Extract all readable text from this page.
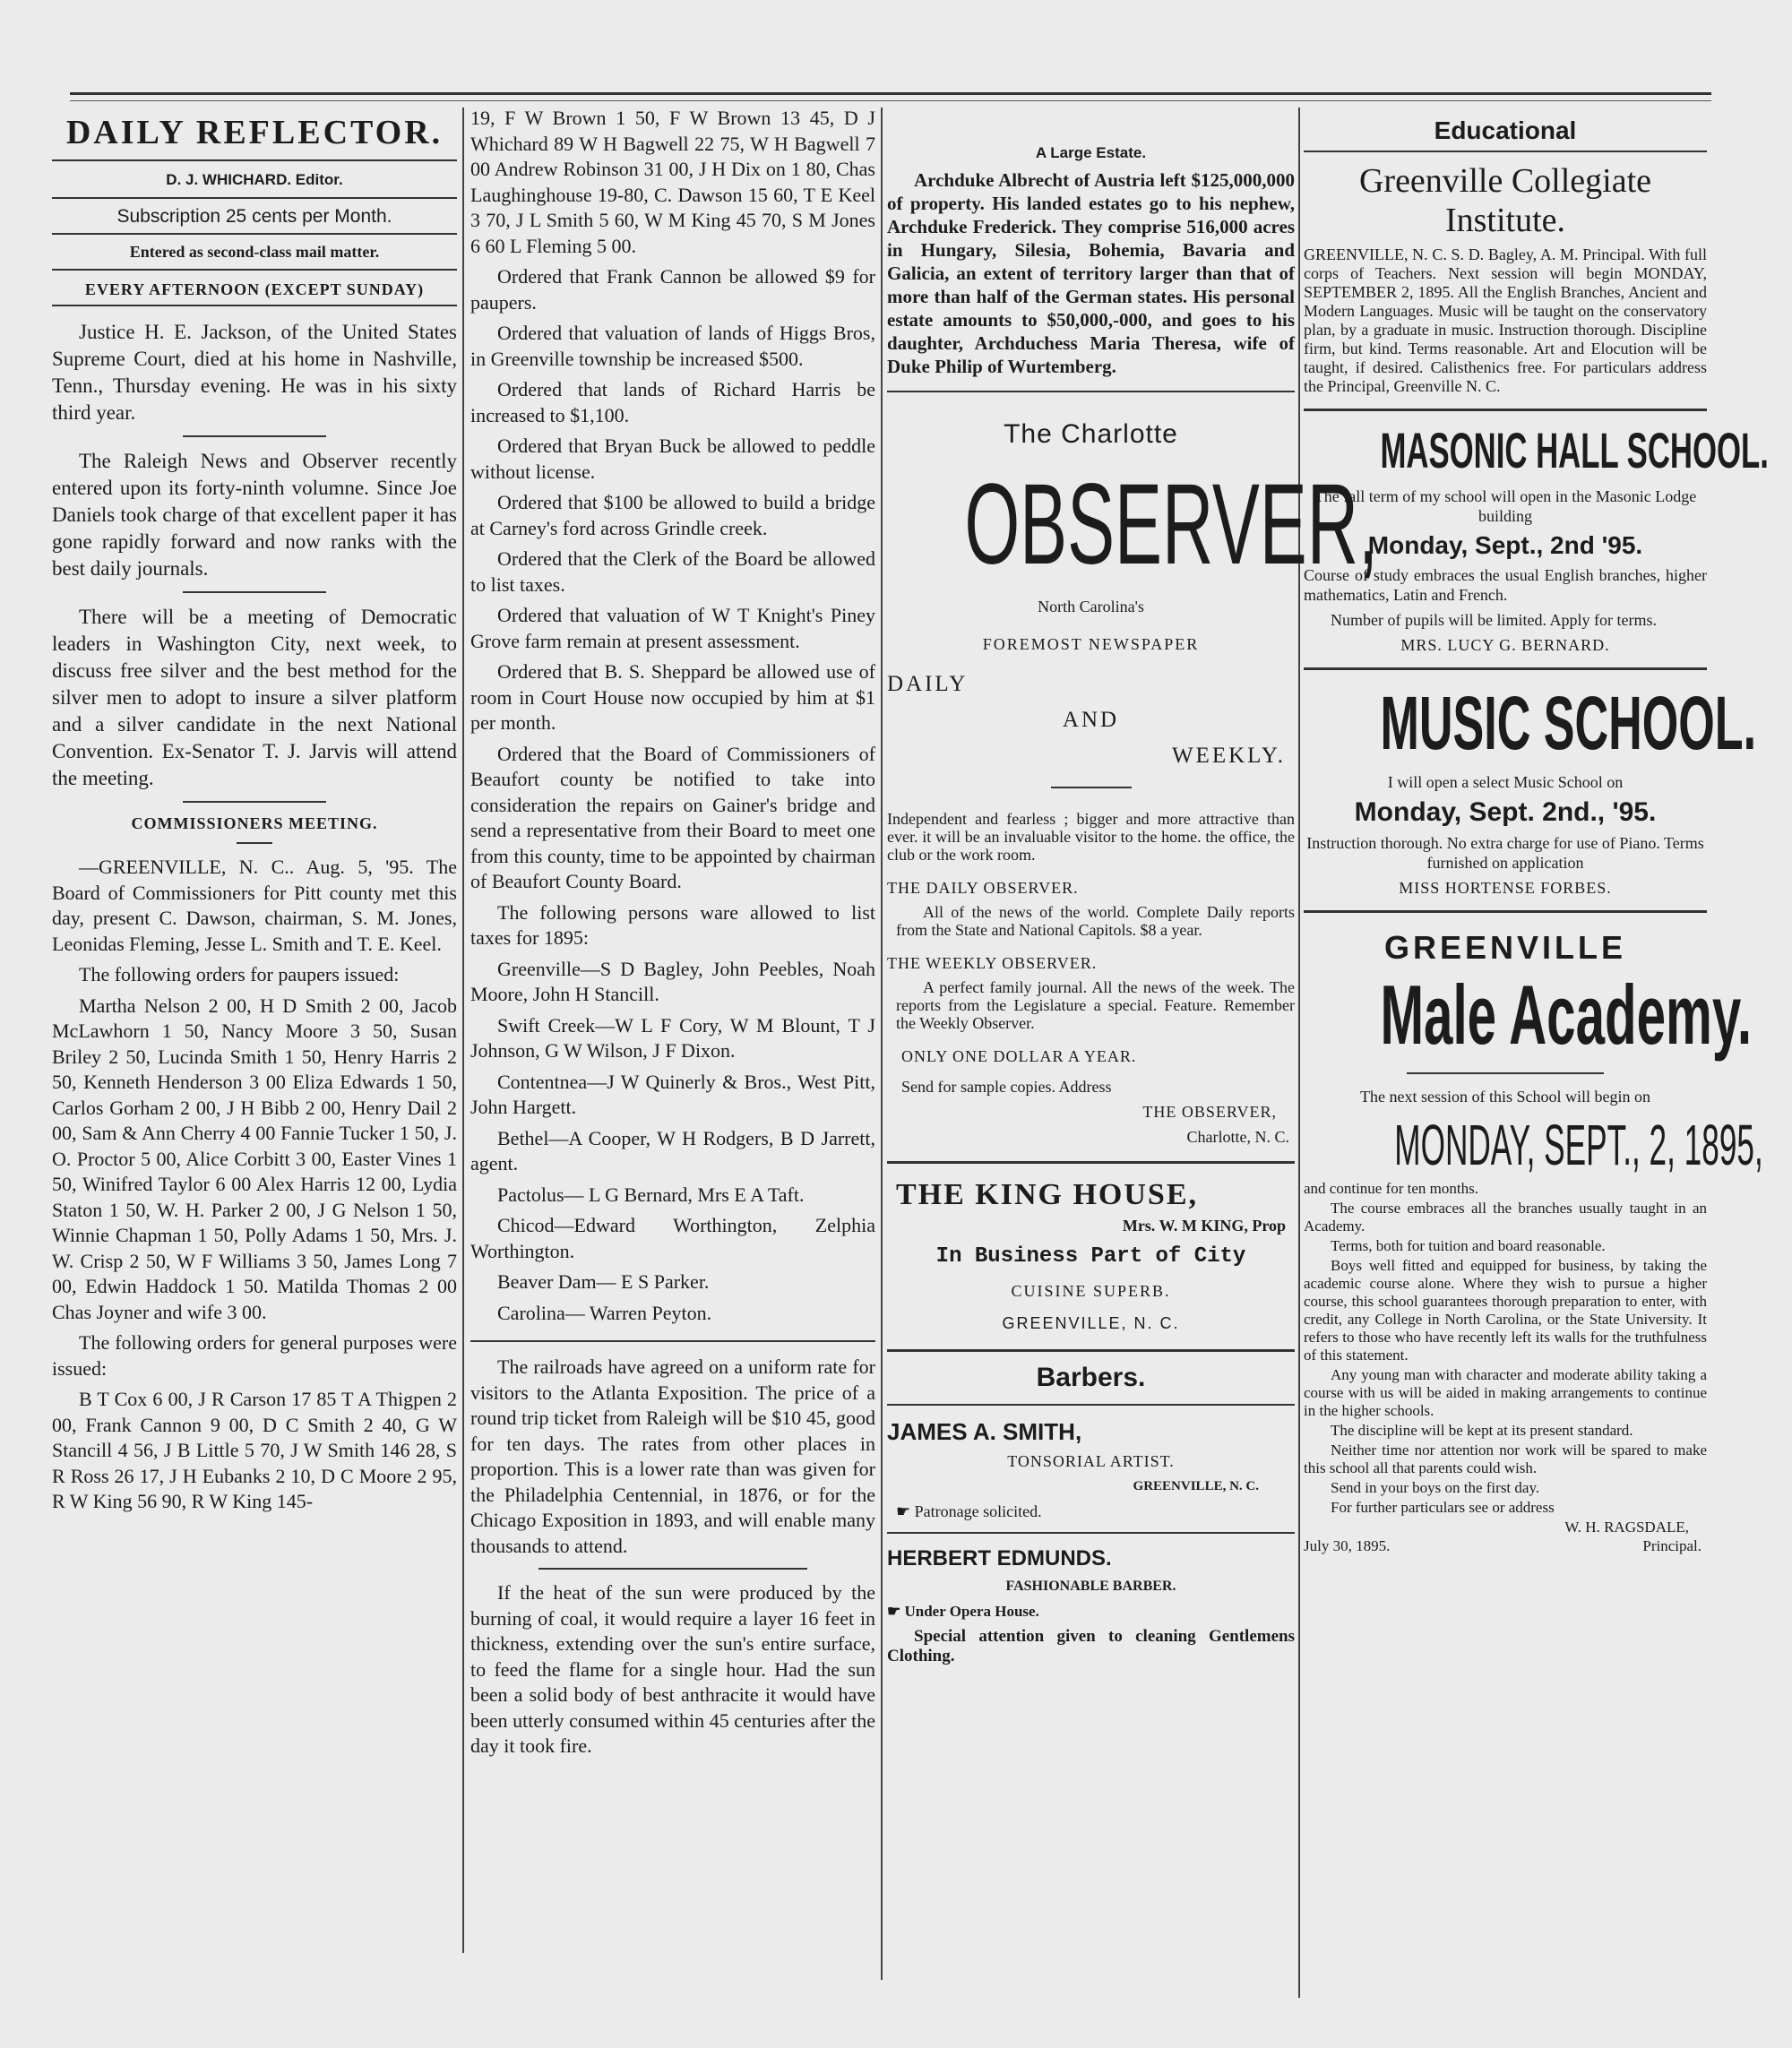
DAILY REFLECTOR.

D. J. WHICHARD. Editor.

Subscription 25 cents per Month.

Entered as second-class mail matter.

EVERY AFTERNOON (EXCEPT SUNDAY)

Justice H. E. Jackson, of the United States Supreme Court, died at his home in Nashville, Tenn., Thursday evening. He was in his sixty third year.

The Raleigh News and Observer recently entered upon its forty-ninth volumne. Since Joe Daniels took charge of that excellent paper it has gone rapidly forward and now ranks with the best daily journals.

There will be a meeting of Democratic leaders in Washington City, next week, to discuss free silver and the best method for the silver men to adopt to insure a silver platform and a silver candidate in the next National Convention. Ex-Senator T. J. Jarvis will attend the meeting.

COMMISSIONERS MEETING.

—GREENVILLE, N. C.. Aug. 5, '95. The Board of Commissioners for Pitt county met this day, present C. Dawson, chairman, S. M. Jones, Leonidas Fleming, Jesse L. Smith and T. E. Keel.

The following orders for paupers issued:

Martha Nelson 2 00, H D Smith 2 00, Jacob McLawhorn 1 50, Nancy Moore 3 50, Susan Briley 2 50, Lucinda Smith 1 50, Henry Harris 2 50, Kenneth Henderson 3 00 Eliza Edwards 1 50, Carlos Gorham 2 00, J H Bibb 2 00, Henry Dail 2 00, Sam & Ann Cherry 4 00 Fannie Tucker 1 50, J. O. Proctor 5 00, Alice Corbitt 3 00, Easter Vines 1 50, Winifred Taylor 6 00 Alex Harris 12 00, Lydia Staton 1 50, W. H. Parker 2 00, J G Nelson 1 50, Winnie Chapman 1 50, Polly Adams 1 50, Mrs. J. W. Crisp 2 50, W F Williams 3 50, James Long 7 00, Edwin Haddock 1 50. Matilda Thomas 2 00 Chas Joyner and wife 3 00.

The following orders for general purposes were issued:

B T Cox 6 00, J R Carson 17 85 T A Thigpen 2 00, Frank Cannon 9 00, D C Smith 2 40, G W Stancill 4 56, J B Little 5 70, J W Smith 146 28, S R Ross 26 17, J H Eubanks 2 10, D C Moore 2 95, R W King 56 90, R W King 145-

19, F W Brown 1 50, F W Brown 13 45, D J Whichard 89 W H Bagwell 22 75, W H Bagwell 7 00 Andrew Robinson 31 00, J H Dix on 1 80, Chas Laughinghouse 19-80, C. Dawson 15 60, T E Keel 3 70, J L Smith 5 60, W M King 45 70, S M Jones 6 60 L Fleming 5 00.

Ordered that Frank Cannon be allowed $9 for paupers.

Ordered that valuation of lands of Higgs Bros, in Greenville township be increased $500.

Ordered that lands of Richard Harris be increased to $1,100.

Ordered that Bryan Buck be allowed to peddle without license.

Ordered that $100 be allowed to build a bridge at Carney's ford across Grindle creek.

Ordered that the Clerk of the Board be allowed to list taxes.

Ordered that valuation of W T Knight's Piney Grove farm remain at present assessment.

Ordered that B. S. Sheppard be allowed use of room in Court House now occupied by him at $1 per month.

Ordered that the Board of Commissioners of Beaufort county be notified to take into consideration the repairs on Gainer's bridge and send a representative from their Board to meet one from this county, time to be appointed by chairman of Beaufort County Board.

The following persons ware allowed to list taxes for 1895:

Greenville—S D Bagley, John Peebles, Noah Moore, John H Stancill.

Swift Creek—W L F Cory, W M Blount, T J Johnson, G W Wilson, J F Dixon.

Contentnea—J W Quinerly & Bros., West Pitt, John Hargett.

Bethel—A Cooper, W H Rodgers, B D Jarrett, agent.

Pactolus— L G Bernard, Mrs E A Taft.

Chicod—Edward Worthington, Zelphia Worthington.

Beaver Dam— E S Parker.

Carolina— Warren Peyton.

The railroads have agreed on a uniform rate for visitors to the Atlanta Exposition. The price of a round trip ticket from Raleigh will be $10 45, good for ten days. The rates from other places in proportion. This is a lower rate than was given for the Philadelphia Centennial, in 1876, or for the Chicago Exposition in 1893, and will enable many thousands to attend.

If the heat of the sun were produced by the burning of coal, it would require a layer 16 feet in thickness, extending over the sun's entire surface, to feed the flame for a single hour. Had the sun been a solid body of best anthracite it would have been utterly consumed within 45 centuries after the day it took fire.

A Large Estate.

Archduke Albrecht of Austria left $125,000,000 of property. His landed estates go to his nephew, Archduke Frederick. They comprise 516,000 acres in Hungary, Silesia, Bohemia, Bavaria and Galicia, an extent of territory larger than that of more than half of the German states. His personal estate amounts to $50,000,-000, and goes to his daughter, Archduchess Maria Theresa, wife of Duke Philip of Wurtemberg.

The Charlotte

OBSERVER,

North Carolina's

FOREMOST NEWSPAPER

DAILY

AND

WEEKLY.

Independent and fearless ; bigger and more attractive than ever. it will be an invaluable visitor to the home. the office, the club or the work room.

THE DAILY OBSERVER.

All of the news of the world. Complete Daily reports from the State and National Capitols. $8 a year.

THE WEEKLY OBSERVER.

A perfect family journal. All the news of the week. The reports from the Legislature a special. Feature. Remember the Weekly Observer.

ONLY ONE DOLLAR A YEAR.

Send for sample copies. Address

THE OBSERVER,

Charlotte, N. C.

THE KING HOUSE,

Mrs. W. M KING, Prop

In Business Part of City

CUISINE SUPERB.

GREENVILLE, N. C.

Barbers.

JAMES A. SMITH,

TONSORIAL ARTIST.

GREENVILLE, N. C.

☛ Patronage solicited.

HERBERT EDMUNDS.

FASHIONABLE BARBER.

☛ Under Opera House.

Special attention given to cleaning Gentlemens Clothing.

Educational

Greenville Collegiate Institute.

GREENVILLE, N. C. S. D. Bagley, A. M. Principal. With full corps of Teachers. Next session will begin MONDAY, SEPTEMBER 2, 1895. All the English Branches, Ancient and Modern Languages. Music will be taught on the conservatory plan, by a graduate in music. Instruction thorough. Discipline firm, but kind. Terms reasonable. Art and Elocution will be taught, if desired. Calisthenics free. For particulars address the Principal, Greenville N. C.

MASONIC HALL SCHOOL.

The fall term of my school will open in the Masonic Lodge building

Monday, Sept., 2nd '95.

Course of study embraces the usual English branches, higher mathematics, Latin and French.

Number of pupils will be limited. Apply for terms.

MRS. LUCY G. BERNARD.

MUSIC SCHOOL.

I will open a select Music School on

Monday, Sept. 2nd., '95.

Instruction thorough. No extra charge for use of Piano. Terms furnished on application

MISS HORTENSE FORBES.

GREENVILLE

Male Academy.

The next session of this School will begin on

MONDAY, SEPT., 2, 1895,

and continue for ten months.

The course embraces all the branches usually taught in an Academy.

Terms, both for tuition and board reasonable.

Boys well fitted and equipped for business, by taking the academic course alone. Where they wish to pursue a higher course, this school guarantees thorough preparation to enter, with credit, any College in North Carolina, or the State University. It refers to those who have recently left its walls for the truthfulness of this statement.

Any young man with character and moderate ability taking a course with us will be aided in making arrangements to continue in the higher schools.

The discipline will be kept at its present standard.

Neither time nor attention nor work will be spared to make this school all that parents could wish.

Send in your boys on the first day.

For further particulars see or address

W. H. RAGSDALE,

July 30, 1895.	Principal.
